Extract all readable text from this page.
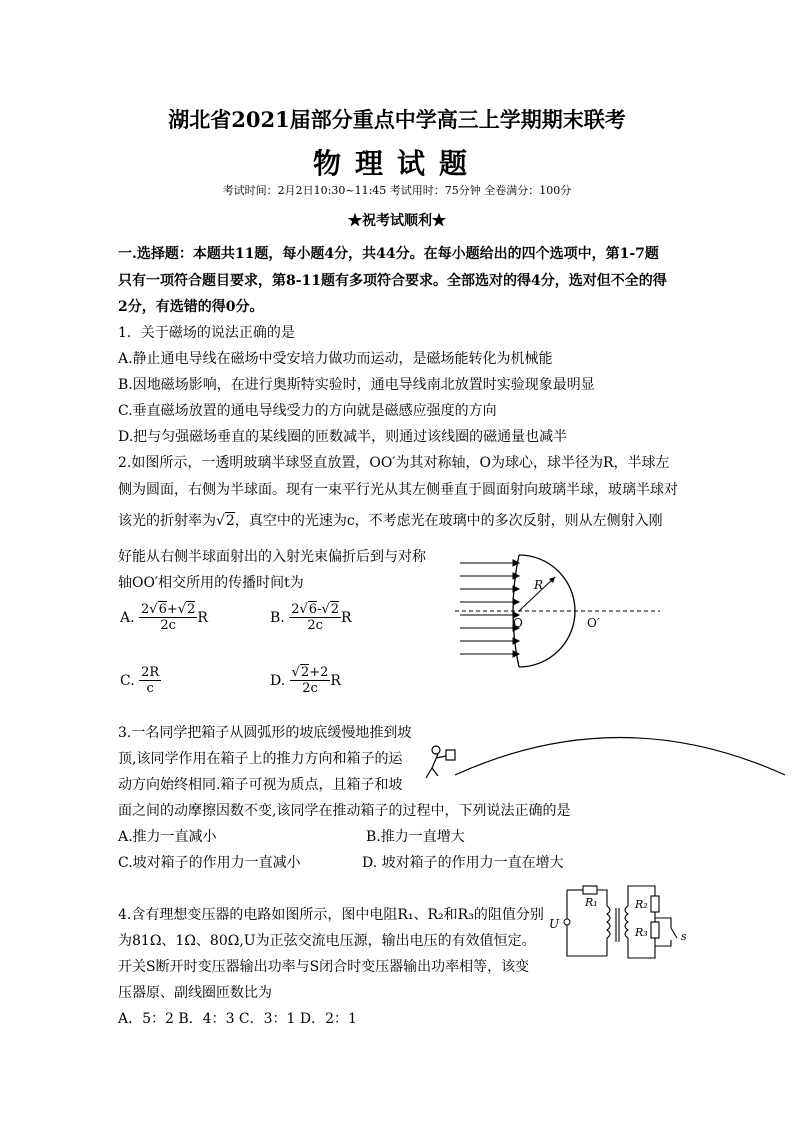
湖北省2021届部分重点中学高三上学期期末联考
物理试题
考试时间：2月2日10:30~11:45 考试用时：75分钟 全卷满分：100分
★祝考试顺利★
一.选择题：本题共11题，每小题4分，共44分。在每小题给出的四个选项中，第1-7题
只有一项符合题目要求，第8-11题有多项符合要求。全部选对的得4分，选对但不全的得
2分，有选错的得0分。
1．关于磁场的说法正确的是
A.静止通电导线在磁场中受安培力做功而运动，是磁场能转化为机械能
B.因地磁场影响，在进行奥斯特实验时，通电导线南北放置时实验现象最明显
C.垂直磁场放置的通电导线受力的方向就是磁感应强度的方向
D.把与匀强磁场垂直的某线圈的匝数减半，则通过该线圈的磁通量也减半
2.如图所示，一透明玻璃半球竖直放置，OO′为其对称轴，O为球心，球半径为R，半球左
侧为圆面，右侧为半球面。现有一束平行光从其左侧垂直于圆面射向玻璃半球，玻璃半球对
该光的折射率为√2，真空中的光速为c，不考虑光在玻璃中的多次反射，则从左侧射入刚
好能从右侧半球面射出的入射光束偏折后到与对称
轴OO′相交所用的传播时间t为
A. $\frac{2√6+√2}{2c}$ R	B. $\frac{2√6-√2}{2c}$ R
C. $\frac{2R}{c}$	D. $\frac{√2+2}{2c}$ R
R
O	O′
3.一名同学把箱子从圆弧形的坡底缓慢地推到坡
顶,该同学作用在箱子上的推力方向和箱子的运
动方向始终相同.箱子可视为质点，且箱子和坡
面之间的动摩擦因数不变,该同学在推动箱子的过程中，下列说法正确的是
A.推力一直减小	B.推力一直增大
C.坡对箱子的作用力一直减小	D. 坡对箱子的作用力一直在增大
4.含有理想变压器的电路如图所示，图中电阻R₁、R₂和R₃的阻值分别
为81Ω、1Ω、80Ω,U为正弦交流电压源，输出电压的有效值恒定。
开关S断开时变压器输出功率与S闭合时变压器输出功率相等，该变
压器原、副线圈匝数比为
A．5：2 B．4：3 C．3：1 D．2：1
U
R₁	R₂
R₃	s
